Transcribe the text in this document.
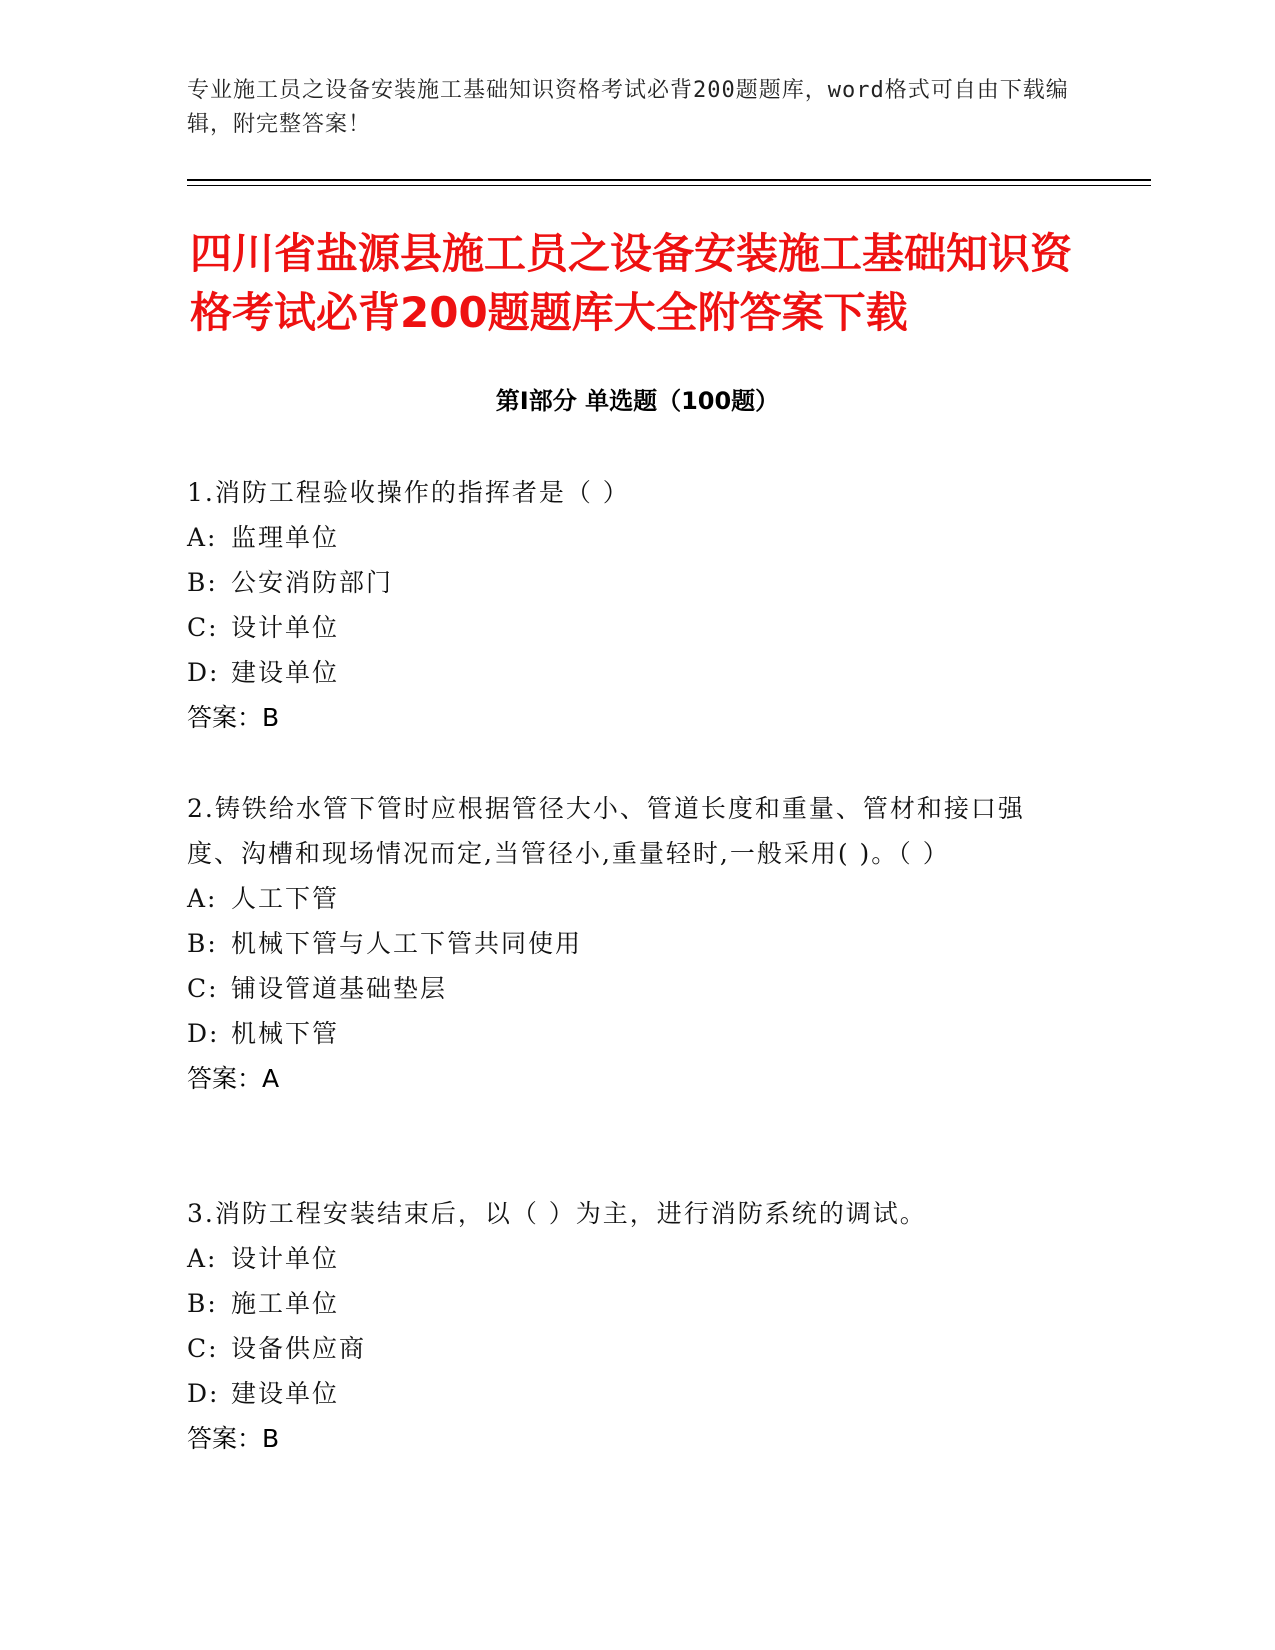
专业施工员之设备安装施工基础知识资格考试必背200题题库，word格式可自由下载编辑，附完整答案！
四川省盐源县施工员之设备安装施工基础知识资格考试必背200题题库大全附答案下载
第Ⅰ部分 单选题（100题）
1.消防工程验收操作的指挥者是（ ）
A: 监理单位
B: 公安消防部门
C: 设计单位
D: 建设单位
答案：B
2.铸铁给水管下管时应根据管径大小、管道长度和重量、管材和接口强度、沟槽和现场情况而定,当管径小,重量轻时,一般采用( )。（ ）
A: 人工下管
B: 机械下管与人工下管共同使用
C: 铺设管道基础垫层
D: 机械下管
答案：A
3.消防工程安装结束后，以（ ）为主，进行消防系统的调试。
A: 设计单位
B: 施工单位
C: 设备供应商
D: 建设单位
答案：B
